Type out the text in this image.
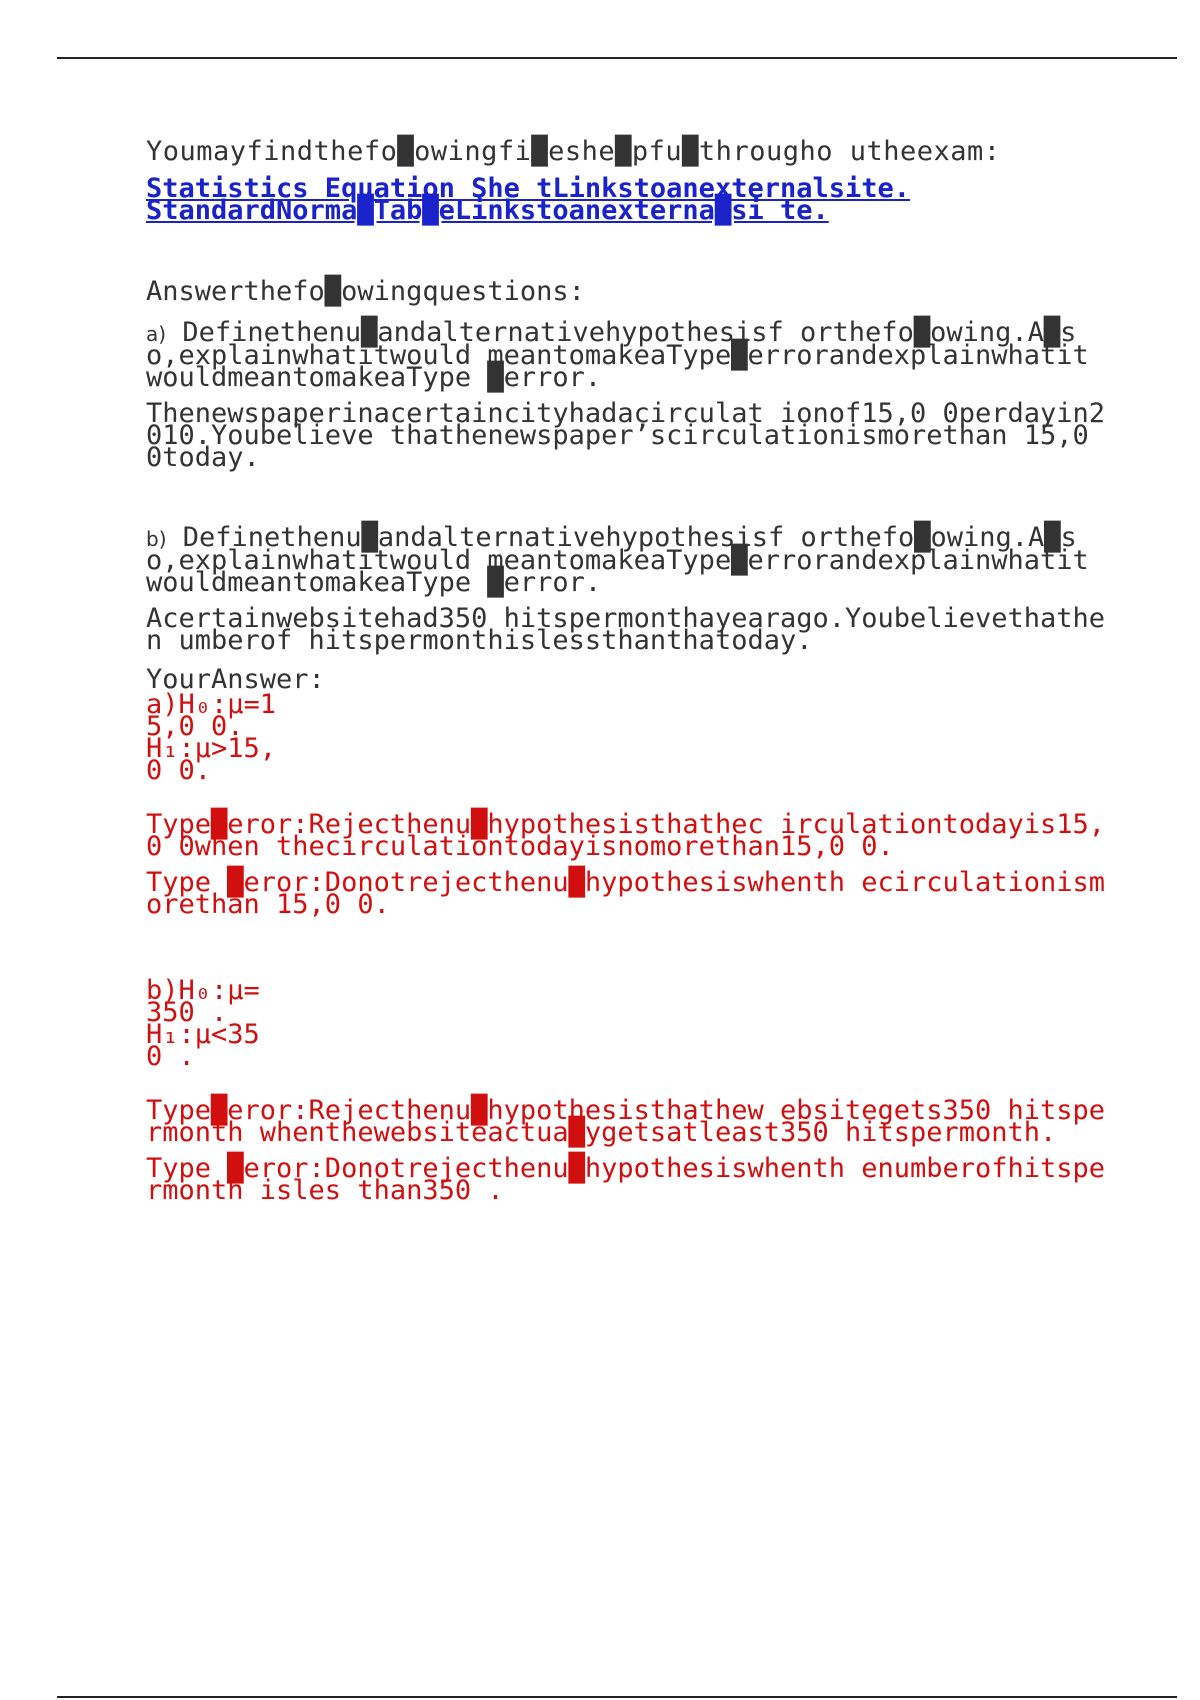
Youmayfindthefo█owingfi█eshe█pfu█througho utheexam:

Statistics Equation She tLinkstoanexternalsite.
StandardNorma█Tab█eLinkstoanexterna█si te.

Answerthefo█owingquestions:

a) Definethenu█andalternativehypothesisf orthefo█owing.A█so,explainwhatitwould meantomakeaType█errorandexplainwhatit wouldmeantomakeaType █error.

Thenewspaperinacertaincityhadacirculat ionof15,0 0perdayin2010.Youbelieve thathenewspaper’scirculationismorethan 15,0 0today.

b) Definethenu█andalternativehypothesisf orthefo█owing.A█so,explainwhatitwould meantomakeaType█errorandexplainwhatit wouldmeantomakeaType █error.

Acertainwebsitehad350 hitspermonthayearago.Youbelievethathen umberof hitspermonthislessthanthatoday.

YourAnswer:

a)H₀:μ=1
5,0 0.
H₁:μ>15,
0 0.

Type█eror:Rejecthenu█hypothesisthathec irculationtodayis15,0 0when thecirculationtodayisnomorethan15,0 0.

Type █eror:Donotrejecthenu█hypothesiswhenth ecirculationismorethan 15,0 0.

b)H₀:μ=
350 .
H₁:μ<35
0 .

Type█eror:Rejecthenu█hypothesisthathew ebsitegets350 hitspermonth whenthewebsiteactua█ygetsatleast350 hitspermonth.

Type █eror:Donotrejecthenu█hypothesiswhenth enumberofhitspermonth isles than350 .
